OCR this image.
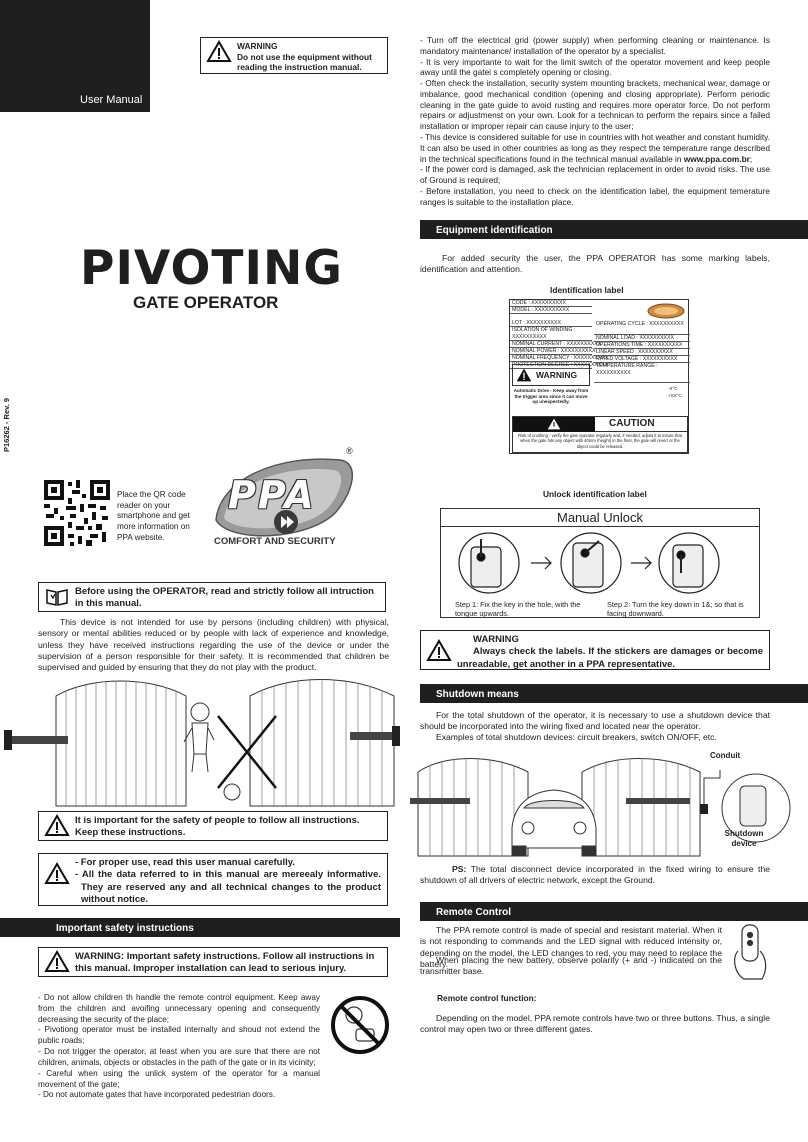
User Manual
WARNING
Do not use the equipment without reading the instruction manual.
PIVOTING
GATE OPERATOR
P16262 - Rev. 9
Place the QR code reader on your smartphone and get more information on PPA website.
PPA
®
COMFORT AND SECURITY
Before using the OPERATOR, read and strictly follow all intruction in this manual.

This device is not intended for use by persons (including children) with physical, sensory or mental abilities reduced or by people with lack of experience and knowledge, unless they have received instructions regarding the use of the device or under the supervision of a person responsible for their safety. It is recommended that children be supervised and guided by ensuring that they do not play with the product.

It is important for the safety of people to follow all instructions. Keep these instructions.
- For proper use, read this user manual carefully.
- All the data referred to in this manual are mereealy informative. They are reserved any and all technical changes to the product without notice.
Important safety instructions
WARNING: Important safety instructions. Follow all instructions in this manual. Improper installation can lead to serious injury.

- Do not allow children th handle the remote control equipment. Keep away from the children and avoifing unnecessary opening and consequently decreasing the security of the place;

- Pivotiong operator must be installed internally and shoud not extend the public roads;

- Do not trigger the operator, at least when you are sure that there are not children, animals, objects or obstacles in the path of the gate or in its vicinity;

- Careful when using the unlick system of the operator for a manual movement of the gate;

- Do not automate gates that have incorporated pedestrian doors.

- Turn off the electrical grid (power supply) when performing cleaning or maintenance. Is mandatory maintenance/ installation of the operator by a specialist.

- It is very importante to wait for the limit switch of the operator movement and keep people away until the gatei s completely opening or closing.

- Often check the installation, security system mounting brackets, mechanical wear, damage or imbalance, good mechanical condition (opening and closing appropriate). Perform periodic cleaning in the gate guide to avoid rusting and requires more operator force. Do not perform repairs or adjustmenst on your own. Look for a technican to perform the repairs since a failed installation or improper repair can cause injury to the user;

- This device is considered suitable for use in countries with hot weather and constant humidity. It can also be used in other countries as long as they respect the temperature range described in the technical specifications found in the technical manual available in www.ppa.com.br;

- If the power cord is damaged, ask the technician replacement in order to avoid risks. The use of Ground is required;

- Before installation, you need to check on the identification label, the equipment temerature ranges is suitable to the installation place.

Equipment identification

For added security the user, the PPA OPERATOR has some marking labels, identification and attention.

Identification label
CODE : XXXXXXXXXX
MODEL : XXXXXXXXXX
LOT : XXXXXXXXXX
ISOLATION OF WINDING : XXXXXXXXXX
NOMINAL CURRENT : XXXXXXXXXX
NOMINAL POWER : XXXXXXXXXX
NOMINAL FREQUENCY : XXXXXXXXXX
PROTECTION DEGREE : XXXXXXXXXX
OPERATING CYCLE : XXXXXXXXXX
NOMINAL LOAD : XXXXXXXXXX
OPERATIONS TIME : XXXXXXXXXX
LINEAR SPEED : XXXXXXXXXX
RATED VOLTAGE : XXXXXXXXXX
TEMPERATURE RANGE : XXXXXXXXXX
-X°C
+XX°C
WARNING
Automatic Drive - Keep away from the trigger area since it can move up unexpectedly.
CAUTION
Risk of crushing - verify the gate operator regularly and, if needed, adjust it to insure that when the gate hits any object with 40mm (height) in the floor, the gate will revert or the object could be released.
Unlock identification label
Manual Unlock
Step 1: Fix the key in the hole, with the tongue upwards.
Step 2: Turn the key down in 1&; so that is facing downward.
WARNING
Always check the labels. If the stickers are damages or become unreadable, get another in a PPA representative.
Shutdown means

For the total shutdown of the operator, it is necessary to use a shutdown device that should be incorporated into the wiring fixed and located near the operator.

Examples of total shutdown devices: circuit breakers, switch ON/OFF, etc.

Conduit
Shutdown device

PS: The total disconnect device incorporated in the fixed wiring to ensure the shutdown of all drivers of electric network, except the Ground.

Remote Control

The PPA remote control is made of special and resistant material. When it is not responding to commands and the LED signal with reduced intensity or, depending on the model, the LED changes to red, you may need to replace the battery.

When placing the new battery, observe polarity (+ and -) indicated on the transmitter base.

Remote control function:

Depending on the model, PPA remote controls have two or three buttons. Thus, a single control may open two or three different gates.
